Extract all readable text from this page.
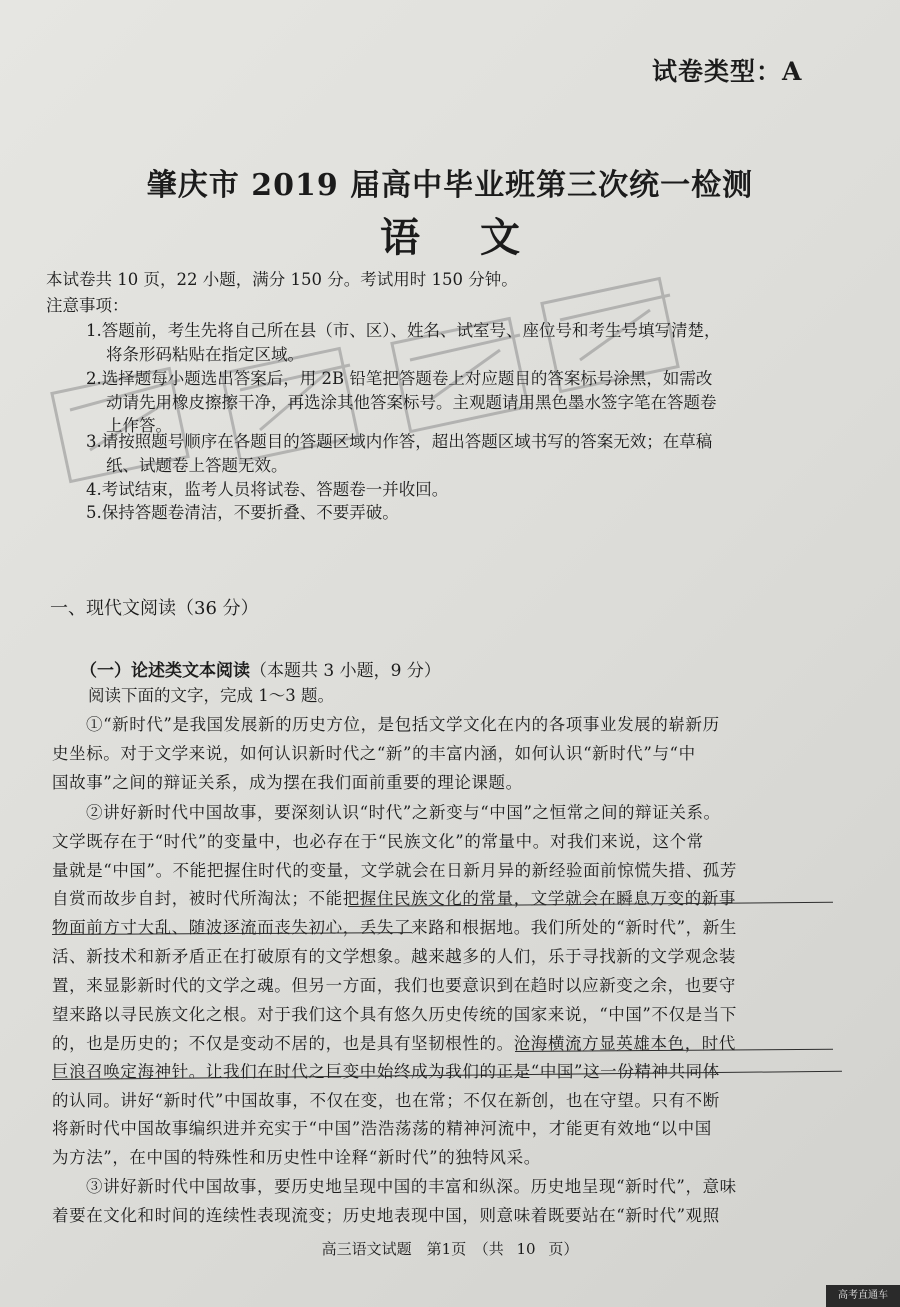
试卷类型：A
肇庆市 2019 届高中毕业班第三次统一检测
语文
本试卷共 10 页，22 小题，满分 150 分。考试用时 150 分钟。
注意事项：
1.答题前，考生先将自己所在县（市、区）、姓名、试室号、座位号和考生号填写清楚，
将条形码粘贴在指定区域。
2.选择题每小题选出答案后，用 2B 铅笔把答题卷上对应题目的答案标号涂黑，如需改
动请先用橡皮擦擦干净，再选涂其他答案标号。主观题请用黑色墨水签字笔在答题卷
上作答。
3.请按照题号顺序在各题目的答题区域内作答，超出答题区域书写的答案无效；在草稿
纸、试题卷上答题无效。
4.考试结束，监考人员将试卷、答题卷一并收回。
5.保持答题卷清洁，不要折叠、不要弄破。
一、现代文阅读（36 分）
（一）论述类文本阅读（本题共 3 小题，9 分）
阅读下面的文字，完成 1～3 题。
①“新时代”是我国发展新的历史方位，是包括文学文化在内的各项事业发展的崭新历
史坐标。对于文学来说，如何认识新时代之“新”的丰富内涵，如何认识“新时代”与“中
国故事”之间的辩证关系，成为摆在我们面前重要的理论课题。
②讲好新时代中国故事，要深刻认识“时代”之新变与“中国”之恒常之间的辩证关系。
文学既存在于“时代”的变量中，也必存在于“民族文化”的常量中。对我们来说，这个常
量就是“中国”。不能把握住时代的变量，文学就会在日新月异的新经验面前惊慌失措、孤芳
自赏而故步自封，被时代所淘汰；不能把握住民族文化的常量，文学就会在瞬息万变的新事
物面前方寸大乱、随波逐流而丧失初心，丢失了来路和根据地。我们所处的“新时代”，新生
活、新技术和新矛盾正在打破原有的文学想象。越来越多的人们，乐于寻找新的文学观念装
置，来显影新时代的文学之魂。但另一方面，我们也要意识到在趋时以应新变之余，也要守
望来路以寻民族文化之根。对于我们这个具有悠久历史传统的国家来说，“中国”不仅是当下
的，也是历史的；不仅是变动不居的，也是具有坚韧根性的。沧海横流方显英雄本色，时代
巨浪召唤定海神针。让我们在时代之巨变中始终成为我们的正是“中国”这一份精神共同体
的认同。讲好“新时代”中国故事，不仅在变，也在常；不仅在新创，也在守望。只有不断
将新时代中国故事编织进并充实于“中国”浩浩荡荡的精神河流中，才能更有效地“以中国
为方法”，在中国的特殊性和历史性中诠释“新时代”的独特风采。
③讲好新时代中国故事，要历史地呈现中国的丰富和纵深。历史地呈现“新时代”，意味
着要在文化和时间的连续性表现流变；历史地表现中国，则意味着既要站在“新时代”观照
高三语文试题　第1页　（共 10 页）
高考直通车
